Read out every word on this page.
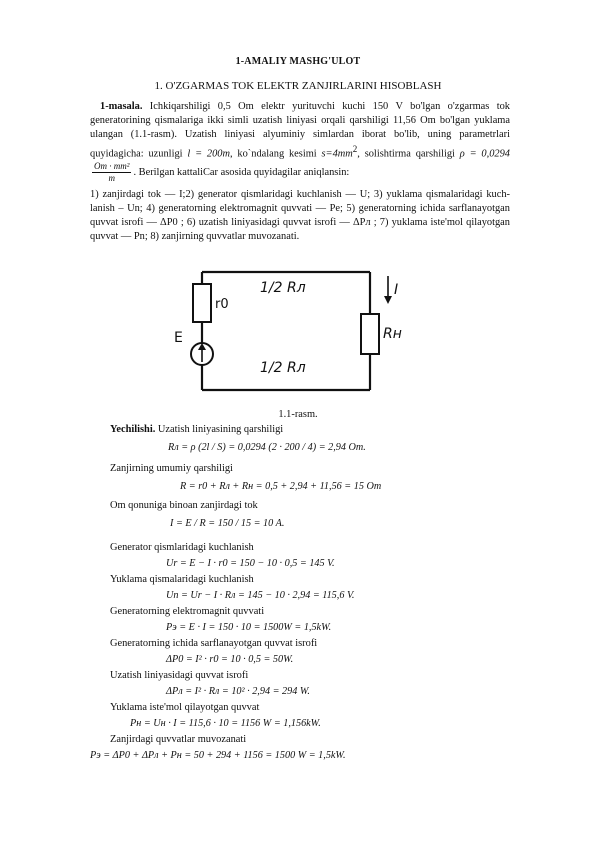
1-AMALIY MASHG'ULOT
1. O'ZGARMAS TOK ELEKTR ZANJIRLARINI HISOBLASH
1-masala. Ichkiqarshiligi 0,5 Om elektr yurituvchi kuchi 150 V bo'lgan o'zgarmas tok generatorining qismalariga ikki simli uzatish liniyasi orqali qarshiligi 11,56 Om bo'lgan yuklama ulangan (1.1-rasm). Uzatish liniyasi alyuminiy simlardan iborat bo'lib, uning parametrlari quyidagicha: uzunligi l = 200m, ko`ndalang kesimi $s=4mm^2$, solishtirma qarshiligi ρ = 0,0294
$\frac{\text{Om · mm²}}{m}$ . Berilgan kattaliCar asosida quyidagilar aniqlansin:
1) zanjirdagi tok — I;2) generator qismlaridagi kuchlanish — U; 3) yuklama qismalaridagi kuch-lanish – Un; 4) generatorning elektromagnit quvvati — Pe; 5) generatorning ichida sarflanayotgan quvvat isrofi — ΔP0 ; 6) uzatish liniyasidagi quvvat isrofi — ΔPл ; 7) yuklama iste'mol qilayotgan quvvat — Pn; 8) zanjirning quvvatlar muvozanati.
r0
E
1/2 Rл
1/2 Rл
Rн
I
1.1-rasm.
Yechilishi. Uzatish liniyasining qarshiligi
Rл = ρ (2l / S) = 0,0294 (2 · 200 / 4) = 2,94 Om.
Zanjirning umumiy qarshiligi
R = r0 + Rл + Rн = 0,5 + 2,94 + 11,56 = 15 Om
Om qonuniga binoan zanjirdagi tok
I = E / R = 150 / 15 = 10 A.
Generator qismlaridagi kuchlanish
Ur = E − I · r0 = 150 − 10 · 0,5 = 145 V.
Yuklama qismalaridagi kuchlanish
Un = Ur − I · Rл = 145 − 10 · 2,94 = 115,6 V.
Generatorning elektromagnit quvvati
Pэ = E · I = 150 · 10 = 1500W = 1,5kW.
Generatorning ichida sarflanayotgan quvvat isrofi
ΔP0 = I² · r0 = 10 · 0,5 = 50W.
Uzatish liniyasidagi quvvat isrofi
ΔPл = I² · Rл = 10² · 2,94 = 294 W.
Yuklama iste'mol qilayotgan quvvat
Pн = Uн · I = 115,6 · 10 = 1156 W = 1,156kW.
Zanjirdagi quvvatlar muvozanati
Pэ = ΔP0 + ΔPл + Pн = 50 + 294 + 1156 = 1500 W = 1,5kW.
